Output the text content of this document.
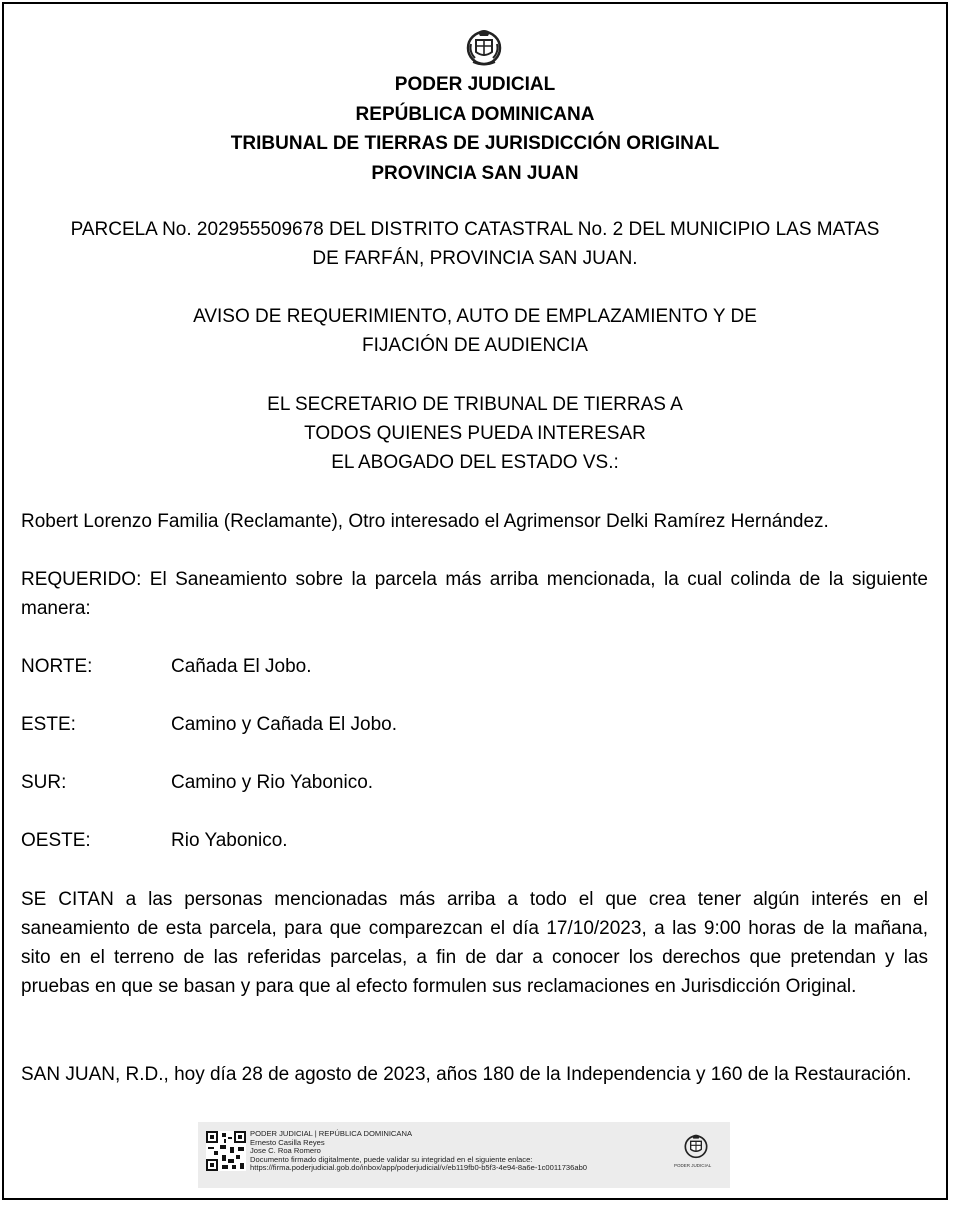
PODER JUDICIAL
REPÚBLICA DOMINICANA
TRIBUNAL DE TIERRAS DE JURISDICCIÓN ORIGINAL
PROVINCIA SAN JUAN
PARCELA No. 202955509678 DEL DISTRITO CATASTRAL No. 2 DEL MUNICIPIO LAS MATAS
DE FARFÁN, PROVINCIA SAN JUAN.
AVISO DE REQUERIMIENTO, AUTO DE EMPLAZAMIENTO Y DE
FIJACIÓN DE AUDIENCIA
EL SECRETARIO DE TRIBUNAL DE TIERRAS A
TODOS QUIENES PUEDA INTERESAR
EL ABOGADO DEL ESTADO VS.:
Robert Lorenzo Familia (Reclamante), Otro interesado el Agrimensor Delki Ramírez Hernández.
REQUERIDO: El Saneamiento sobre la parcela más arriba mencionada, la cual colinda de la siguiente manera:
NORTE:	Cañada El Jobo.
ESTE:	Camino y Cañada El Jobo.
SUR:	Camino y Rio Yabonico.
OESTE:	Rio Yabonico.
SE CITAN a las personas mencionadas más arriba a todo el que crea tener algún interés en el saneamiento de esta parcela, para que comparezcan el día 17/10/2023, a las 9:00 horas de la mañana, sito en el terreno de las referidas parcelas, a fin de dar a conocer los derechos que pretendan y las pruebas en que se basan y para que al efecto formulen sus reclamaciones en Jurisdicción Original.
SAN JUAN, R.D., hoy día 28 de agosto de 2023, años 180 de la Independencia y 160 de la Restauración.
PODER JUDICIAL | REPÚBLICA DOMINICANA
Ernesto Casilla Reyes
Jose C. Roa Romero
Documento firmado digitalmente, puede validar su integridad en el siguiente enlace:
https://firma.poderjudicial.gob.do/inbox/app/poderjudicial/v/eb119fb0-b5f3-4e94-8a6e-1c0011736ab0	PODER JUDICIAL
